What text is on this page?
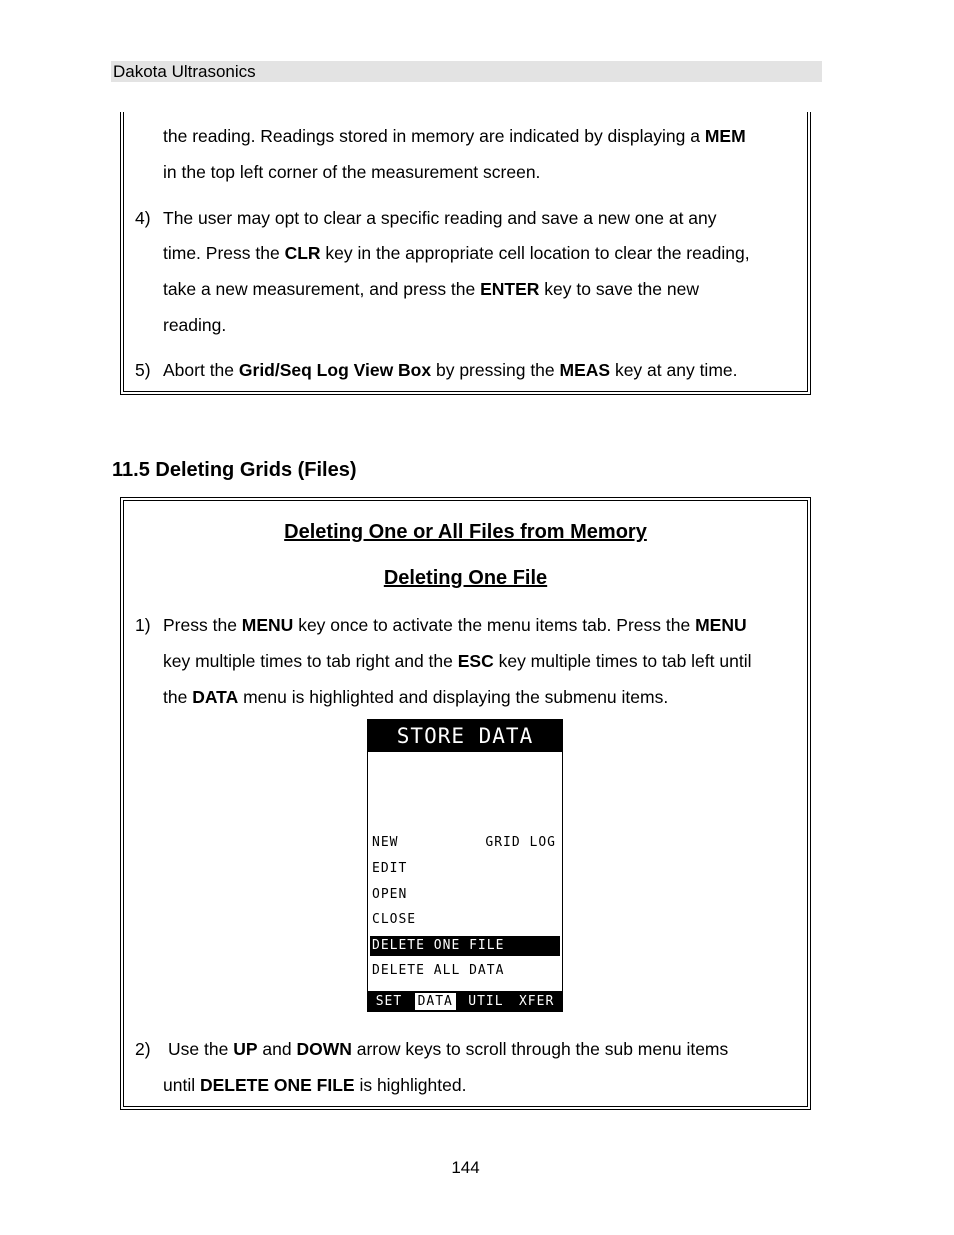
Dakota Ultrasonics
the reading. Readings stored in memory are indicated by displaying a MEM
in the top left corner of the measurement screen.
4) The user may opt to clear a specific reading and save a new one at any
time. Press the CLR key in the appropriate cell location to clear the reading,
take a new measurement, and press the ENTER key to save the new
reading.
5) Abort the Grid/Seq Log View Box by pressing the MEAS key at any time.
11.5 Deleting Grids (Files)
Deleting One or All Files from Memory
Deleting One File
1) Press the MENU key once to activate the menu items tab. Press the MENU
key multiple times to tab right and the ESC key multiple times to tab left until
the DATA menu is highlighted and displaying the submenu items.
STORE DATA
NEW	GRID LOG
EDIT
OPEN
CLOSE
DELETE ONE FILE
DELETE ALL DATA
SET DATA UTIL XFER
2) Use the UP and DOWN arrow keys to scroll through the sub menu items
until DELETE ONE FILE is highlighted.
144
